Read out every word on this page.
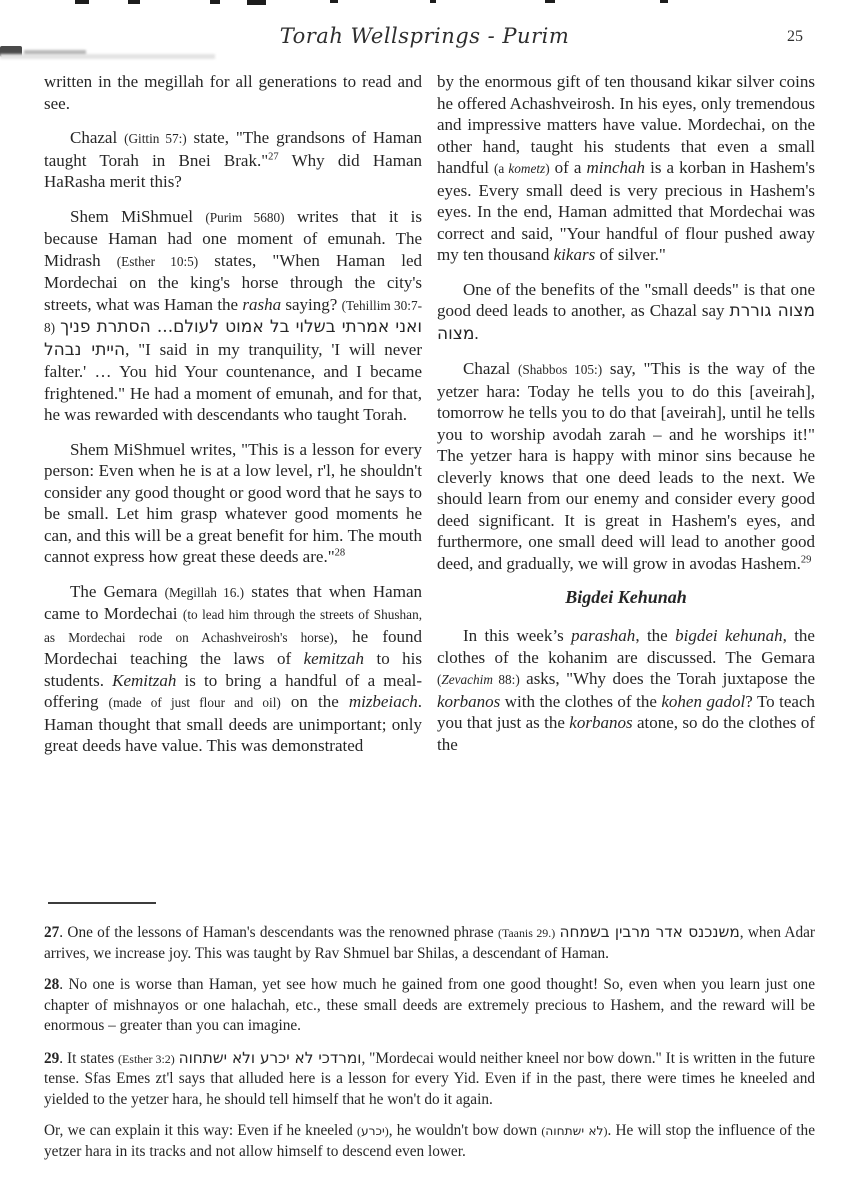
Torah Wellsprings - Purim	25

written in the megillah for all generations to read and see.

Chazal (Gittin 57:) state, "The grandsons of Haman taught Torah in Bnei Brak."$^{27}$ Why did Haman HaRasha merit this?

Shem MiShmuel (Purim 5680) writes that it is because Haman had one moment of emunah. The Midrash (Esther 10:5) states, "When Haman led Mordechai on the king's horse through the city's streets, what was Haman the rasha saying? (Tehillim 30:7-8) ואני אמרתי בשלוי בל אמוט לעולם... הסתרת פניך הייתי נבהל, "I said in my tranquility, 'I will never falter.' … You hid Your countenance, and I became frightened." He had a moment of emunah, and for that, he was rewarded with descendants who taught Torah.

Shem MiShmuel writes, "This is a lesson for every person: Even when he is at a low level, r'l, he shouldn't consider any good thought or good word that he says to be small. Let him grasp whatever good moments he can, and this will be a great benefit for him. The mouth cannot express how great these deeds are."$^{28}$

The Gemara (Megillah 16.) states that when Haman came to Mordechai (to lead him through the streets of Shushan, as Mordechai rode on Achashveirosh's horse), he found Mordechai teaching the laws of kemitzah to his students. Kemitzah is to bring a handful of a meal-offering (made of just flour and oil) on the mizbeiach. Haman thought that small deeds are unimportant; only great deeds have value. This was demonstrated

by the enormous gift of ten thousand kikar silver coins he offered Achashveirosh. In his eyes, only tremendous and impressive matters have value. Mordechai, on the other hand, taught his students that even a small handful (a kometz) of a minchah is a korban in Hashem's eyes. Every small deed is very precious in Hashem's eyes. In the end, Haman admitted that Mordechai was correct and said, "Your handful of flour pushed away my ten thousand kikars of silver."

One of the benefits of the "small deeds" is that one good deed leads to another, as Chazal say מצוה גוררת מצוה.

Chazal (Shabbos 105:) say, "This is the way of the yetzer hara: Today he tells you to do this [aveirah], tomorrow he tells you to do that [aveirah], until he tells you to worship avodah zarah – and he worships it!" The yetzer hara is happy with minor sins because he cleverly knows that one deed leads to the next. We should learn from our enemy and consider every good deed significant. It is great in Hashem's eyes, and furthermore, one small deed will lead to another good deed, and gradually, we will grow in avodas Hashem.$^{29}$

Bigdei Kehunah

In this week’s parashah, the bigdei kehunah, the clothes of the kohanim are discussed. The Gemara (Zevachim 88:) asks, "Why does the Torah juxtapose the korbanos with the clothes of the kohen gadol? To teach you that just as the korbanos atone, so do the clothes of the

27. One of the lessons of Haman's descendants was the renowned phrase (Taanis 29.) משנכנס אדר מרבין בשמחה, when Adar arrives, we increase joy. This was taught by Rav Shmuel bar Shilas, a descendant of Haman.

28. No one is worse than Haman, yet see how much he gained from one good thought! So, even when you learn just one chapter of mishnayos or one halachah, etc., these small deeds are extremely precious to Hashem, and the reward will be enormous – greater than you can imagine.

29. It states (Esther 3:2) ומרדכי לא יכרע ולא ישתחוה, "Mordecai would neither kneel nor bow down." It is written in the future tense. Sfas Emes zt'l says that alluded here is a lesson for every Yid. Even if in the past, there were times he kneeled and yielded to the yetzer hara, he should tell himself that he won't do it again.

Or, we can explain it this way: Even if he kneeled (יכרע), he wouldn't bow down (לא ישתחוה). He will stop the influence of the yetzer hara in its tracks and not allow himself to descend even lower.
